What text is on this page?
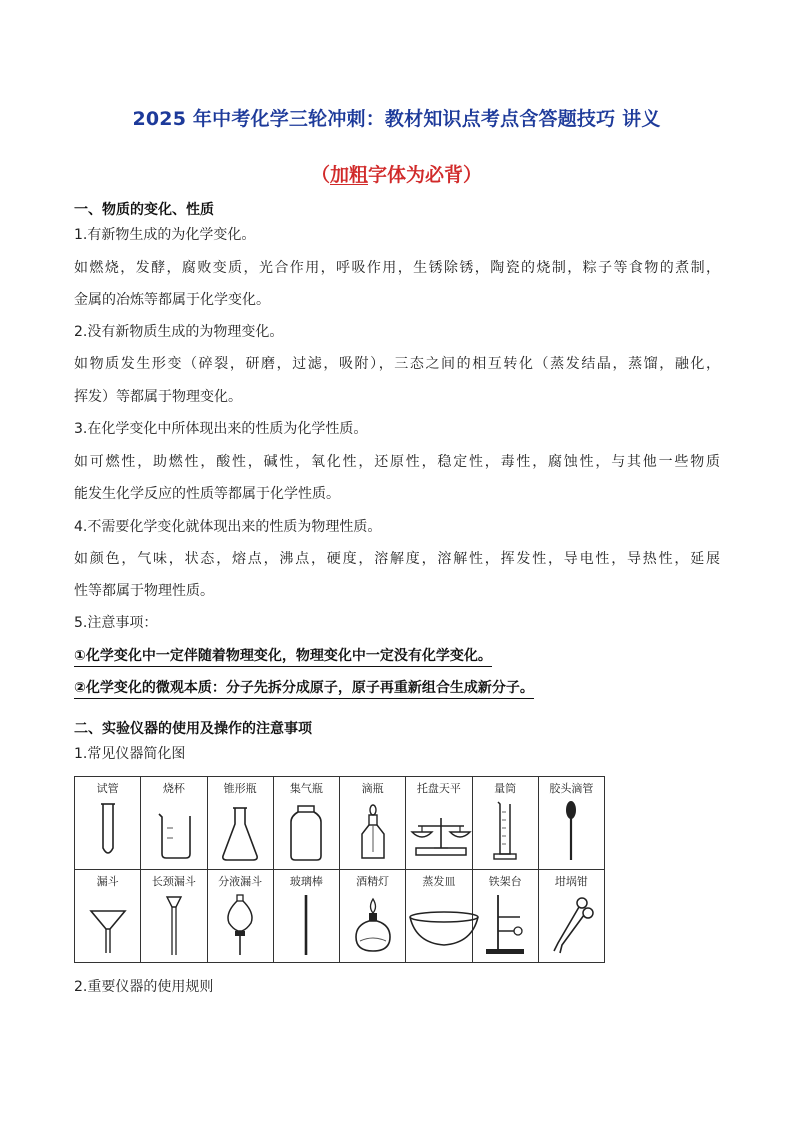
2025 年中考化学三轮冲刺：教材知识点考点含答题技巧 讲义
（加粗字体为必背）
一、物质的变化、性质
1.有新物生成的为化学变化。
如燃烧，发酵，腐败变质，光合作用，呼吸作用，生锈除锈，陶瓷的烧制，粽子等食物的煮制，
金属的冶炼等都属于化学变化。
2.没有新物质生成的为物理变化。
如物质发生形变（碎裂，研磨，过滤，吸附），三态之间的相互转化（蒸发结晶，蒸馏，融化，
挥发）等都属于物理变化。
3.在化学变化中所体现出来的性质为化学性质。
如可燃性，助燃性，酸性，碱性，氧化性，还原性，稳定性，毒性，腐蚀性，与其他一些物质
能发生化学反应的性质等都属于化学性质。
4.不需要化学变化就体现出来的性质为物理性质。
如颜色，气味，状态，熔点，沸点，硬度，溶解度，溶解性，挥发性，导电性，导热性，延展
性等都属于物理性质。
5.注意事项：
①化学变化中一定伴随着物理变化，物理变化中一定没有化学变化。
②化学变化的微观本质：分子先拆分成原子，原子再重新组合生成新分子。
二、实验仪器的使用及操作的注意事项
1.常见仪器简化图
试管	烧杯	锥形瓶	集气瓶	滴瓶	托盘天平	量筒	胶头滴管

漏斗	长颈漏斗	分液漏斗	玻璃棒	酒精灯	蒸发皿	铁架台	坩埚钳
2.重要仪器的使用规则
